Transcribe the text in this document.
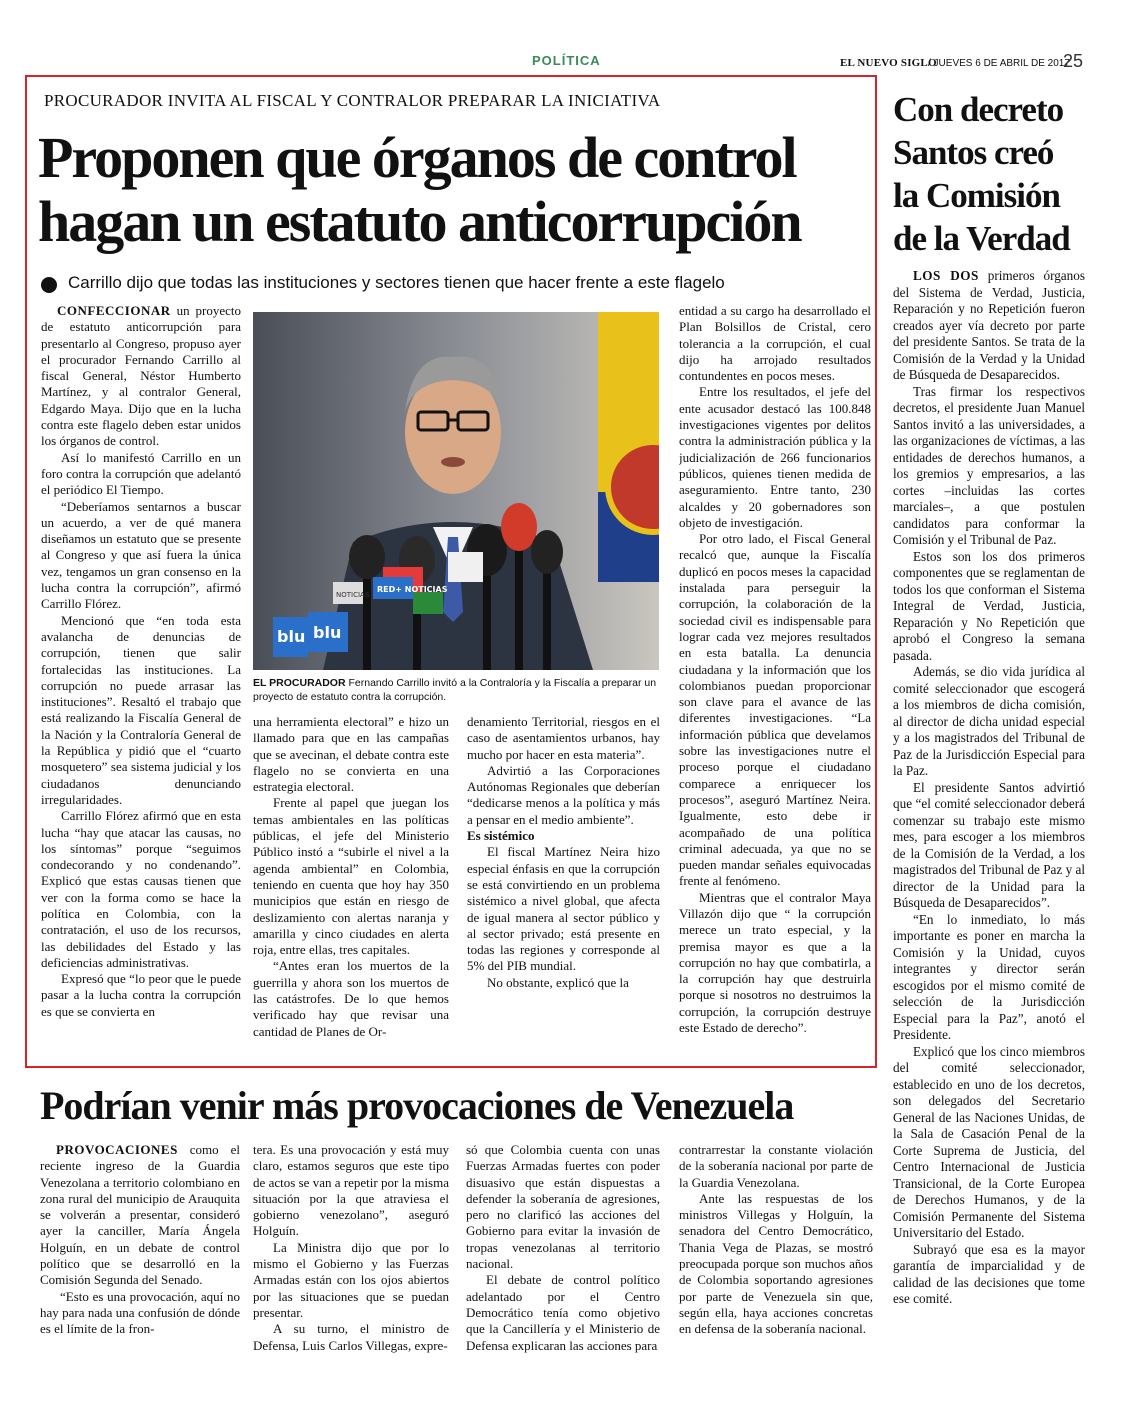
POLÍTICA	EL NUEVO SIGLO
/ JUEVES 6 DE ABRIL DE 2017
25
PROCURADOR INVITA AL FISCAL Y CONTRALOR PREPARAR LA INICIATIVA
Proponen que órganos de control
hagan un estatuto anticorrupción
Carrillo dijo que todas las instituciones y sectores tienen que hacer frente a este flagelo

CONFECCIONAR un proyecto de estatuto anticorrupción para presentarlo al Congreso, propuso ayer el procurador Fernando Carrillo al fiscal General, Néstor Humberto Martínez, y al contralor General, Edgardo Maya. Dijo que en la lucha contra este flagelo deben estar unidos los órganos de control.

Así lo manifestó Carrillo en un foro contra la corrupción que adelantó el periódico El Tiempo.

“Deberíamos sentarnos a buscar un acuerdo, a ver de qué manera diseñamos un estatuto que se presente al Congreso y que así fuera la única vez, tengamos un gran consenso en la lucha contra la corrupción”, afirmó Carrillo Flórez.

Mencionó que “en toda esta avalancha de denuncias de corrupción, tienen que salir fortalecidas las instituciones. La corrupción no puede arrasar las instituciones”. Resaltó el trabajo que está realizando la Fiscalía General de la Nación y la Contraloría General de la República y pidió que el “cuarto mosquetero” sea sistema judicial y los ciudadanos denunciando irregularidades.

Carrillo Flórez afirmó que en esta lucha “hay que atacar las causas, no los síntomas” porque “seguimos condecorando y no condenando”. Explicó que estas causas tienen que ver con la forma como se hace la política en Colombia, con la contratación, el uso de los recursos, las debilidades del Estado y las deficiencias administrativas.

Expresó que “lo peor que le puede pasar a la lucha contra la corrupción es que se convierta en

NOTICIAS
RED+ NOTICIAS
blu blu
EL PROCURADOR Fernando Carrillo invitó a la Contraloría y la Fiscalía a preparar un proyecto de estatuto contra la corrupción.

una herramienta electoral” e hizo un llamado para que en las campañas que se avecinan, el debate contra este flagelo no se convierta en una estrategia electoral.

Frente al papel que juegan los temas ambientales en las políticas públicas, el jefe del Ministerio Público instó a “subirle el nivel a la agenda ambiental” en Colombia, teniendo en cuenta que hoy hay 350 municipios que están en riesgo de deslizamiento con alertas naranja y amarilla y cinco ciudades en alerta roja, entre ellas, tres capitales.

“Antes eran los muertos de la guerrilla y ahora son los muertos de las catástrofes. De lo que hemos verificado hay que revisar una cantidad de Planes de Or-

denamiento Territorial, riesgos en el caso de asentamientos urbanos, hay mucho por hacer en esta materia”.

Advirtió a las Corporaciones Autónomas Regionales que deberían “dedicarse menos a la política y más a pensar en el medio ambiente”.

Es sistémico

El fiscal Martínez Neira hizo especial énfasis en que la corrupción se está convirtiendo en un problema sistémico a nivel global, que afecta de igual manera al sector público y al sector privado; está presente en todas las regiones y corresponde al 5% del PIB mundial.

No obstante, explicó que la

entidad a su cargo ha desarrollado el Plan Bolsillos de Cristal, cero tolerancia a la corrupción, el cual dijo ha arrojado resultados contundentes en pocos meses.

Entre los resultados, el jefe del ente acusador destacó las 100.848 investigaciones vigentes por delitos contra la administración pública y la judicialización de 266 funcionarios públicos, quienes tienen medida de aseguramiento. Entre tanto, 230 alcaldes y 20 gobernadores son objeto de investigación.

Por otro lado, el Fiscal General recalcó que, aunque la Fiscalía duplicó en pocos meses la capacidad instalada para perseguir la corrupción, la colaboración de la sociedad civil es indispensable para lograr cada vez mejores resultados en esta batalla. La denuncia ciudadana y la información que los colombianos puedan proporcionar son clave para el avance de las diferentes investigaciones. “La información pública que develamos sobre las investigaciones nutre el proceso porque el ciudadano comparece a enriquecer los procesos”, aseguró Martínez Neira. Igualmente, esto debe ir acompañado de una política criminal adecuada, ya que no se pueden mandar señales equivocadas frente al fenómeno.

Mientras que el contralor Maya Villazón dijo que “ la corrupción merece un trato especial, y la premisa mayor es que a la corrupción no hay que combatirla, a la corrupción hay que destruirla porque si nosotros no destruimos la corrupción, la corrupción destruye este Estado de derecho”.

Con decreto
Santos creó
la Comisión
de la Verdad

LOS DOS primeros órganos del Sistema de Verdad, Justicia, Reparación y no Repetición fueron creados ayer vía decreto por parte del presidente Santos. Se trata de la Comisión de la Verdad y la Unidad de Búsqueda de Desaparecidos.

Tras firmar los respectivos decretos, el presidente Juan Manuel Santos invitó a las universidades, a las organizaciones de víctimas, a las entidades de derechos humanos, a los gremios y empresarios, a las cortes –incluidas las cortes marciales–, a que postulen candidatos para conformar la Comisión y el Tribunal de Paz.

Estos son los dos primeros componentes que se reglamentan de todos los que conforman el Sistema Integral de Verdad, Justicia, Reparación y No Repetición que aprobó el Congreso la semana pasada.

Además, se dio vida jurídica al comité seleccionador que escogerá a los miembros de dicha comisión, al director de dicha unidad especial y a los magistrados del Tribunal de Paz de la Jurisdicción Especial para la Paz.

El presidente Santos advirtió que “el comité seleccionador deberá comenzar su trabajo este mismo mes, para escoger a los miembros de la Comisión de la Verdad, a los magistrados del Tribunal de Paz y al director de la Unidad para la Búsqueda de Desaparecidos”.

“En lo inmediato, lo más importante es poner en marcha la Comisión y la Unidad, cuyos integrantes y director serán escogidos por el mismo comité de selección de la Jurisdicción Especial para la Paz”, anotó el Presidente.

Explicó que los cinco miembros del comité seleccionador, establecido en uno de los decretos, son delegados del Secretario General de las Naciones Unidas, de la Sala de Casación Penal de la Corte Suprema de Justicia, del Centro Internacional de Justicia Transicional, de la Corte Europea de Derechos Humanos, y de la Comisión Permanente del Sistema Universitario del Estado.

Subrayó que esa es la mayor garantía de imparcialidad y de calidad de las decisiones que tome ese comité.

Podrían venir más provocaciones de Venezuela

PROVOCACIONES como el reciente ingreso de la Guardia Venezolana a territorio colombiano en zona rural del municipio de Arauquita se volverán a presentar, consideró ayer la canciller, María Ángela Holguín, en un debate de control político que se desarrolló en la Comisión Segunda del Senado.

“Esto es una provocación, aquí no hay para nada una confusión de dónde es el límite de la fron-

tera. Es una provocación y está muy claro, estamos seguros que este tipo de actos se van a repetir por la misma situación por la que atraviesa el gobierno venezolano”, aseguró Holguín.

La Ministra dijo que por lo mismo el Gobierno y las Fuerzas Armadas están con los ojos abiertos por las situaciones que se puedan presentar.

A su turno, el ministro de Defensa, Luis Carlos Villegas, expre-

só que Colombia cuenta con unas Fuerzas Armadas fuertes con poder disuasivo que están dispuestas a defender la soberanía de agresiones, pero no clarificó las acciones del Gobierno para evitar la invasión de tropas venezolanas al territorio nacional.

El debate de control político adelantado por el Centro Democrático tenía como objetivo que la Cancillería y el Ministerio de Defensa explicaran las acciones para

contrarrestar la constante violación de la soberanía nacional por parte de la Guardia Venezolana.

Ante las respuestas de los ministros Villegas y Holguín, la senadora del Centro Democrático, Thania Vega de Plazas, se mostró preocupada porque son muchos años de Colombia soportando agresiones por parte de Venezuela sin que, según ella, haya acciones concretas en defensa de la soberanía nacional.
